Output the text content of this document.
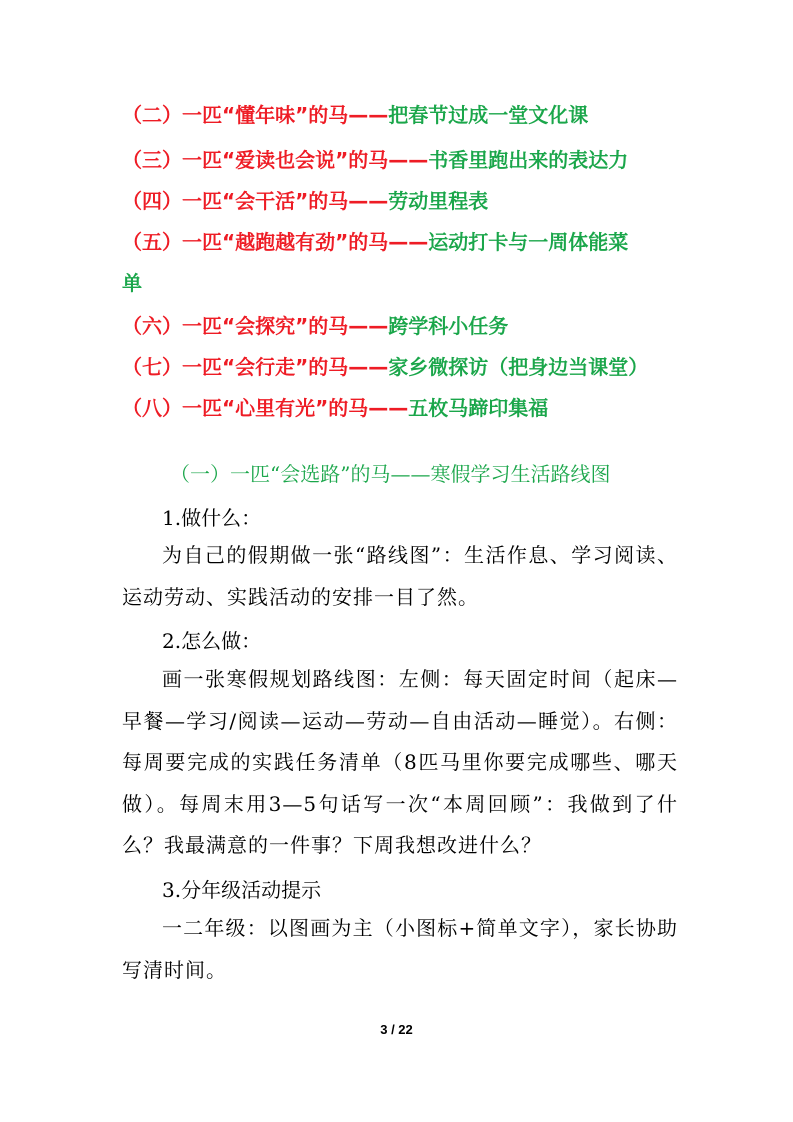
（二）一匹“懂年味”的马——把春节过成一堂文化课
（三）一匹“爱读也会说”的马——书香里跑出来的表达力
（四）一匹“会干活”的马——劳动里程表
（五）一匹“越跑越有劲”的马——运动打卡与一周体能菜
单
（六）一匹“会探究”的马——跨学科小任务
（七）一匹“会行走”的马——家乡微探访（把身边当课堂）
（八）一匹“心里有光”的马——五枚马蹄印集福
（一）一匹“会选路”的马——寒假学习生活路线图
1.做什么：
为自己的假期做一张“路线图”：生活作息、学习阅读、运动劳动、实践活动的安排一目了然。
2.怎么做：
画一张寒假规划路线图：左侧：每天固定时间（起床—早餐—学习/阅读—运动—劳动—自由活动—睡觉）。右侧：每周要完成的实践任务清单（8匹马里你要完成哪些、哪天做）。每周末用3—5句话写一次“本周回顾”：我做到了什么？我最满意的一件事？下周我想改进什么？
3.分年级活动提示
一二年级：以图画为主（小图标+简单文字），家长协助写清时间。
3 / 22
